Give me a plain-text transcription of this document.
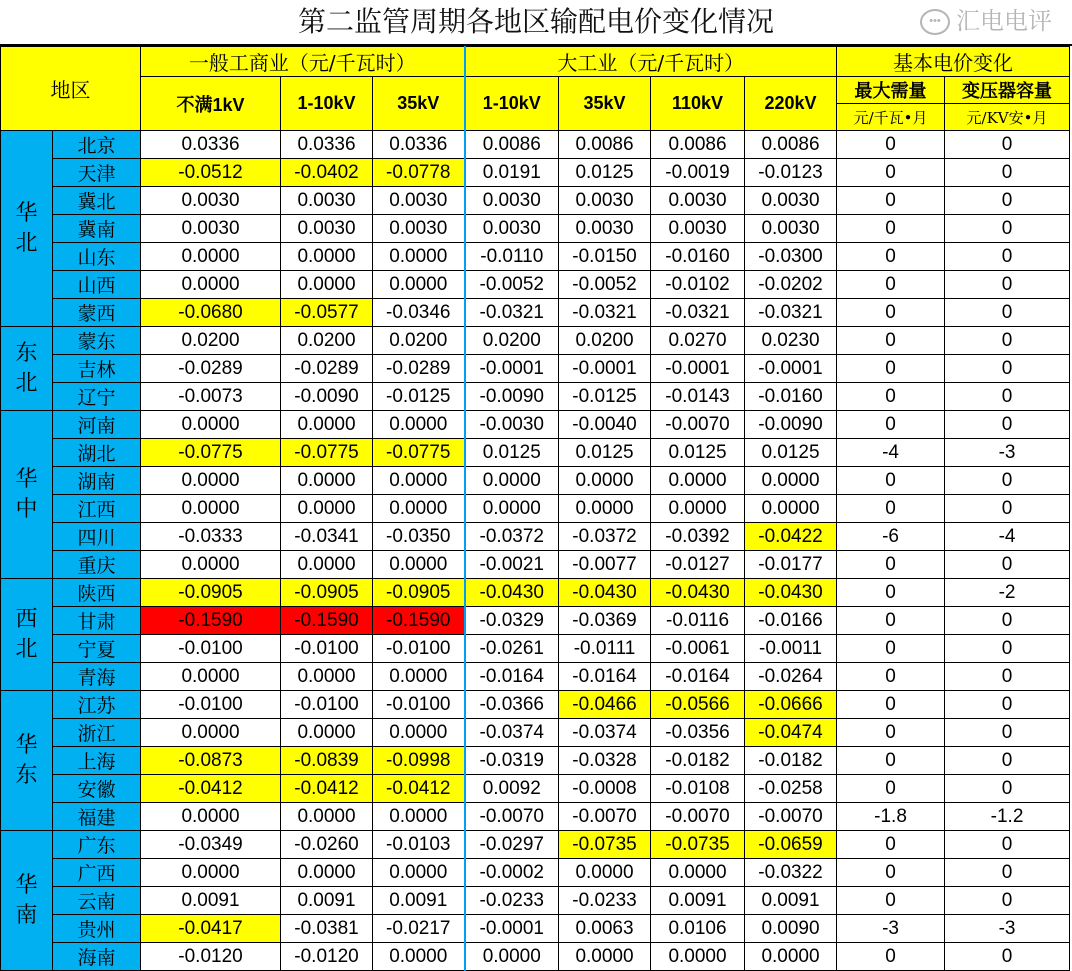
第二监管周期各地区输配电价变化情况
地区		一般工商业（元/千瓦时）			大工业（元/千瓦时）				基本电价变化	
		不满1kV	1-10kV	35kV	1-10kV	35kV	110kV	220kV	最大需量	变压器容量
									元/千瓦•月	元/KV安•月
华
北	北京	0.0336	0.0336	0.0336	0.0086	0.0086	0.0086	0.0086	0	0
	天津	-0.0512	-0.0402	-0.0778	0.0191	0.0125	-0.0019	-0.0123	0	0
	冀北	0.0030	0.0030	0.0030	0.0030	0.0030	0.0030	0.0030	0	0
	冀南	0.0030	0.0030	0.0030	0.0030	0.0030	0.0030	0.0030	0	0
	山东	0.0000	0.0000	0.0000	-0.0110	-0.0150	-0.0160	-0.0300	0	0
	山西	0.0000	0.0000	0.0000	-0.0052	-0.0052	-0.0102	-0.0202	0	0
	蒙西	-0.0680	-0.0577	-0.0346	-0.0321	-0.0321	-0.0321	-0.0321	0	0
东
北	蒙东	0.0200	0.0200	0.0200	0.0200	0.0200	0.0270	0.0230	0	0
	吉林	-0.0289	-0.0289	-0.0289	-0.0001	-0.0001	-0.0001	-0.0001	0	0
	辽宁	-0.0073	-0.0090	-0.0125	-0.0090	-0.0125	-0.0143	-0.0160	0	0
华
中	河南	0.0000	0.0000	0.0000	-0.0030	-0.0040	-0.0070	-0.0090	0	0
	湖北	-0.0775	-0.0775	-0.0775	0.0125	0.0125	0.0125	0.0125	-4	-3
	湖南	0.0000	0.0000	0.0000	0.0000	0.0000	0.0000	0.0000	0	0
	江西	0.0000	0.0000	0.0000	0.0000	0.0000	0.0000	0.0000	0	0
	四川	-0.0333	-0.0341	-0.0350	-0.0372	-0.0372	-0.0392	-0.0422	-6	-4
	重庆	0.0000	0.0000	0.0000	-0.0021	-0.0077	-0.0127	-0.0177	0	0
西
北	陕西	-0.0905	-0.0905	-0.0905	-0.0430	-0.0430	-0.0430	-0.0430	0	-2
	甘肃	-0.1590	-0.1590	-0.1590	-0.0329	-0.0369	-0.0116	-0.0166	0	0
	宁夏	-0.0100	-0.0100	-0.0100	-0.0261	-0.0111	-0.0061	-0.0011	0	0
	青海	0.0000	0.0000	0.0000	-0.0164	-0.0164	-0.0164	-0.0264	0	0
华
东	江苏	-0.0100	-0.0100	-0.0100	-0.0366	-0.0466	-0.0566	-0.0666	0	0
	浙江	0.0000	0.0000	0.0000	-0.0374	-0.0374	-0.0356	-0.0474	0	0
	上海	-0.0873	-0.0839	-0.0998	-0.0319	-0.0328	-0.0182	-0.0182	0	0
	安徽	-0.0412	-0.0412	-0.0412	0.0092	-0.0008	-0.0108	-0.0258	0	0
	福建	0.0000	0.0000	0.0000	-0.0070	-0.0070	-0.0070	-0.0070	-1.8	-1.2
华
南	广东	-0.0349	-0.0260	-0.0103	-0.0297	-0.0735	-0.0735	-0.0659	0	0
	广西	0.0000	0.0000	0.0000	-0.0002	0.0000	0.0000	-0.0322	0	0
	云南	0.0091	0.0091	0.0091	-0.0233	-0.0233	0.0091	0.0091	0	0
	贵州	-0.0417	-0.0381	-0.0217	-0.0001	0.0063	0.0106	0.0090	-3	-3
	海南	-0.0120	-0.0120	0.0000	0.0000	0.0000	0.0000	0.0000	0	0
••• 汇电电评
